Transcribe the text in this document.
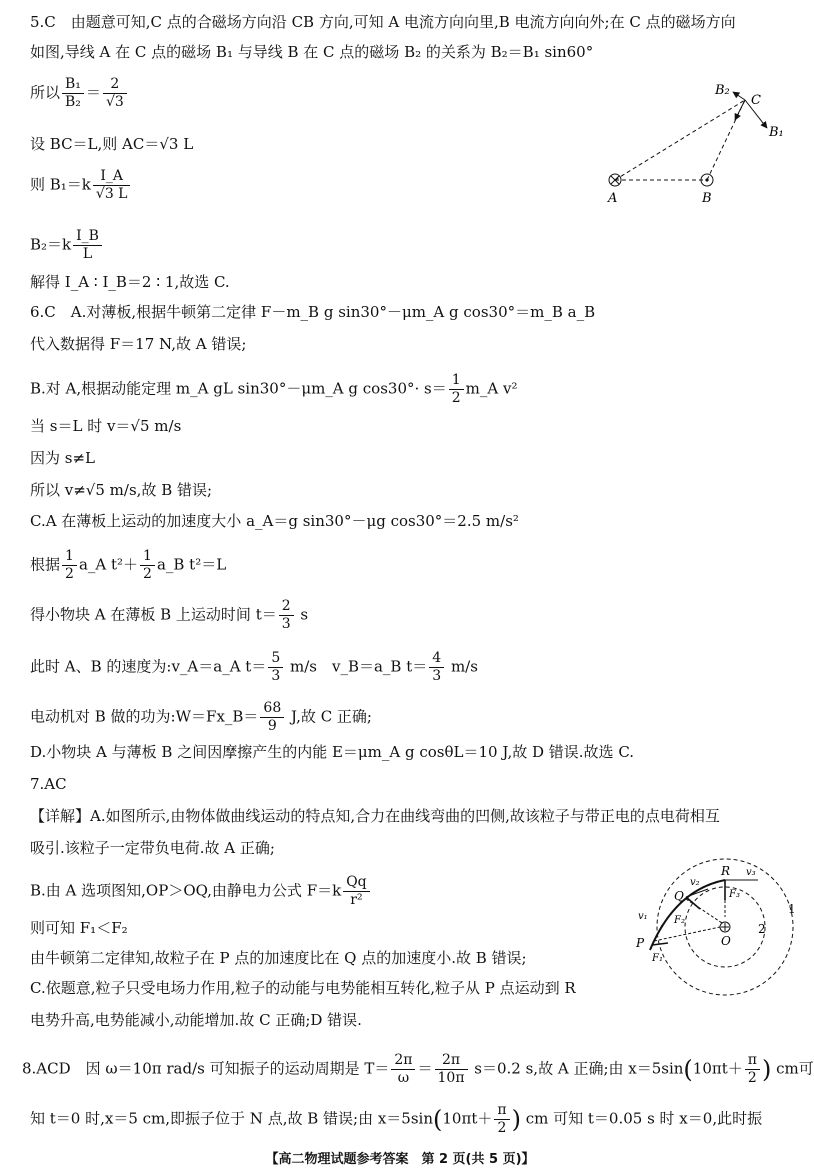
5.C　由题意可知,C 点的合磁场方向沿 CB 方向,可知 A 电流方向向里,B 电流方向向外;在 C 点的磁场方向
如图,导线 A 在 C 点的磁场 B₁ 与导线 B 在 C 点的磁场 B₂ 的关系为 B₂＝B₁ sin60°
所以 $\frac{\text{B₁}}{\text{B₂}} = \frac{2}{√3}$
设 BC＝L,则 AC＝√3 L
则 $B_1=k \frac{I\_A}{√3 L}$
$B_2=k \frac{I\_B}{L}$
解得 I_A ∶ I_B＝2 ∶ 1,故选 C.
B₂
C
B₁
A	B
6.C　A.对薄板,根据牛顿第二定律 F－m_B g sin30°－μm_A g cos30°＝m_B a_B
代入数据得 F＝17 N,故 A 错误;
B.对 A,根据动能定理 m_A gL sin30°－μm_A g $\cos 30^\circ\cdot s= \frac{1}{2}$ m_A v²
当 s＝L 时 v＝√5 m/s
因为 s≠L
所以 v≠√5 m/s,故 B 错误;
C.A 在薄板上运动的加速度大小 a_A＝g sin30°－μg cos30°＝2.5 m/s²
根据 $\frac{1}{2}$ a_A $t^2+ \frac{1}{2}$ a_B t²＝L
得小物块 A 在薄板 B 上运动时间 $t= \frac{2}{3}$ s
此时 A、B 的速度为:v_A＝a_A $t= \frac{5}{3} m/s$　v_B＝a_B $t= \frac{4}{3} m/s$
电动机对 B 做的功为:W＝Fx_B＝ $\frac{68}{9} J$,故 C 正确;
D.小物块 A 与薄板 B 之间因摩擦产生的内能 E＝μm_A g cosθL＝10 J,故 D 错误.故选 C.
7.AC
【详解】A.如图所示,由物体做曲线运动的特点知,合力在曲线弯曲的凹侧,故该粒子与带正电的点电荷相互
吸引.该粒子一定带负电荷.故 A 正确;
B.由 A 选项图知,OP＞OQ,由静电力公式 $F=k \frac{Qq}{\text{r²}}$
则可知 F₁＜F₂
由牛顿第二定律知,故粒子在 P 点的加速度比在 Q 点的加速度小.故 B 错误;
C.依题意,粒子只受电场力作用,粒子的动能与电势能相互转化,粒子从 P 点运动到 R
电势升高,电势能减小,动能增加.故 C 正确;D 错误.
R v₃
v₂
Q	F₃
1
v₁	F₂
O
2
P
F₁
8.ACD　因 ω＝10π rad/s 可知振子的运动周期是 $T= \frac{2\pi}{\omega} = \frac{2\pi}{10\pi} s=0.2$ s,故 A 正确;由 $x=5\sin(10\pi t+ \frac{\pi}{2}$ ) cm可
知 t＝0 时,x＝5 cm,即振子位于 N 点,故 B 错误;由 $x=5\sin(10\pi t+ \frac{\pi}{2}$ ) cm 可知 t＝0.05 s 时 x＝0,此时振
【高二物理试题参考答案　第 2 页(共 5 页)】
